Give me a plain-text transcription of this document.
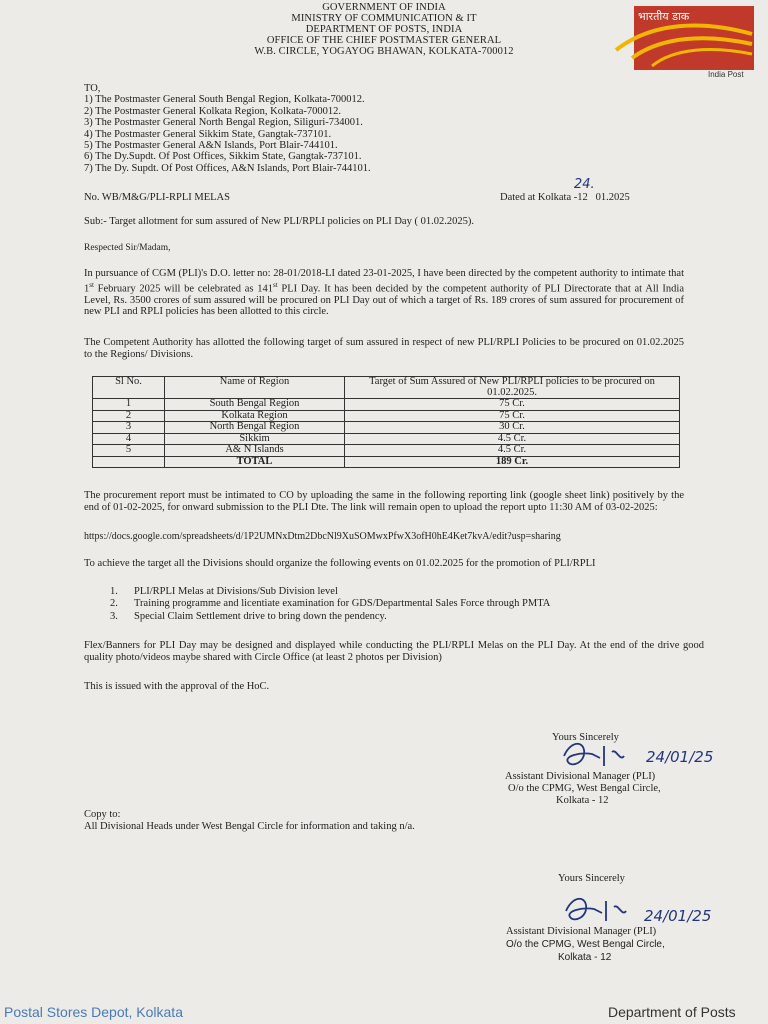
GOVERNMENT OF INDIA
MINISTRY OF COMMUNICATION & IT
DEPARTMENT OF POSTS, INDIA
OFFICE OF THE CHIEF POSTMASTER GENERAL
W.B. CIRCLE, YOGAYOG BHAWAN, KOLKATA-700012
भारतीय डाक
India Post
TO,
1) The Postmaster General South Bengal Region, Kolkata-700012.
2) The Postmaster General Kolkata Region, Kolkata-700012.
3) The Postmaster General North Bengal Region, Siliguri-734001.
4) The Postmaster General Sikkim State, Gangtak-737101.
5) The Postmaster General A&N Islands, Port Blair-744101.
6) The Dy.Supdt. Of Post Offices, Sikkim State, Gangtak-737101.
7) The Dy. Supdt. Of Post Offices, A&N Islands, Port Blair-744101.
No. WB/M&G/PLI-RPLI MELAS	Dated at Kolkata -12 01.2025
24.
Sub:- Target allotment for sum assured of New PLI/RPLI policies on PLI Day ( 01.02.2025).
Respected Sir/Madam,
In pursuance of CGM (PLI)'s D.O. letter no: 28-01/2018-LI dated 23-01-2025, I have been directed by the competent authority to intimate that 1st February 2025 will be celebrated as 141st PLI Day. It has been decided by the competent authority of PLI Directorate that at All India Level, Rs. 3500 crores of sum assured will be procured on PLI Day out of which a target of Rs. 189 crores of sum assured for procurement of new PLI and RPLI policies has been allotted to this circle.
The Competent Authority has allotted the following target of sum assured in respect of new PLI/RPLI Policies to be procured on 01.02.2025 to the Regions/ Divisions.
Sl No.	Name of Region	Target of Sum Assured of New PLI/RPLI policies to be procured on 01.02.2025.
1	South Bengal Region	75 Cr.
2	Kolkata Region	75 Cr.
3	North Bengal Region	30 Cr.
4	Sikkim	4.5 Cr.
5	A& N Islands	4.5 Cr.
	TOTAL	189 Cr.
The procurement report must be intimated to CO by uploading the same in the following reporting link (google sheet link) positively by the end of 01-02-2025, for onward submission to the PLI Dte. The link will remain open to upload the report upto 11:30 AM of 03-02-2025:
https://docs.google.com/spreadsheets/d/1P2UMNxDtm2DbcNl9XuSOMwxPfwX3ofH0hE4Ket7kvA/edit?usp=sharing
To achieve the target all the Divisions should organize the following events on 01.02.2025 for the promotion of PLI/RPLI
1. PLI/RPLI Melas at Divisions/Sub Division level
2. Training programme and licentiate examination for GDS/Departmental Sales Force through PMTA
3. Special Claim Settlement drive to bring down the pendency.
Flex/Banners for PLI Day may be designed and displayed while conducting the PLI/RPLI Melas on the PLI Day. At the end of the drive good quality photo/videos maybe shared with Circle Office (at least 2 photos per Division)
This is issued with the approval of the HoC.
Yours Sincerely
24/01/25
Assistant Divisional Manager (PLI)
O/o the CPMG, West Bengal Circle,
Kolkata - 12
Copy to:
All Divisional Heads under West Bengal Circle for information and taking n/a.
Yours Sincerely
24/01/25
Assistant Divisional Manager (PLI)
O/o the CPMG, West Bengal Circle,
Kolkata - 12
Postal Stores Depot, Kolkata	Department of Posts
